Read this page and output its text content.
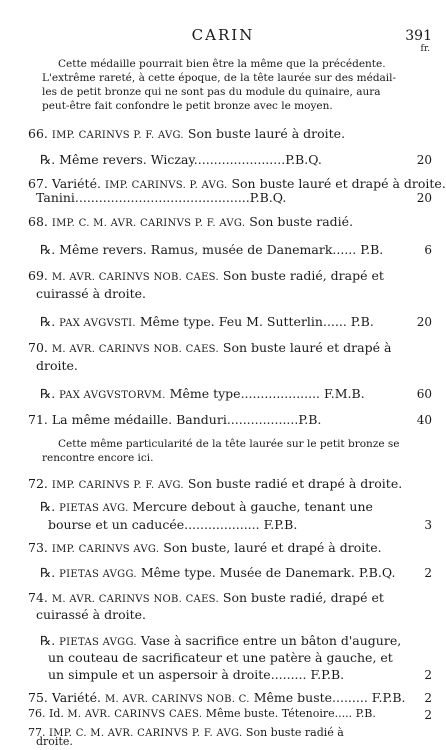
CARIN	391
fr.
Cette médaille pourrait bien être la même que la précédente.
L'extrême rareté, à cette époque, de la tête laurée sur des médail-
les de petit bronze qui ne sont pas du module du quinaire, aura
peut-être fait confondre le petit bronze avec le moyen.
66. IMP. CARINVS P. F. AVG. Son buste lauré à droite.
℞. Même revers. Wiczay.......................P.B.Q.	20
67. Variété. IMP. CARINVS. P. AVG. Son buste lauré et drapé à droite.
Tanini............................................P.B.Q.	20
68. IMP. C. M. AVR. CARINVS P. F. AVG. Son buste radié.
℞. Même revers. Ramus, musée de Danemark...... P.B.	6
69. M. AVR. CARINVS NOB. CAES. Son buste radié, drapé et
cuirassé à droite.
℞. PAX AVGVSTI. Même type. Feu M. Sutterlin...... P.B.	20
70. M. AVR. CARINVS NOB. CAES. Son buste lauré et drapé à
droite.
℞. PAX AVGVSTORVM. Même type.................... F.M.B.	60
71. La même médaille. Banduri..................P.B.	40
Cette même particularité de la tête laurée sur le petit bronze se
rencontre encore ici.
72. IMP. CARINVS P. F. AVG. Son buste radié et drapé à droite.
℞. PIETAS AVG. Mercure debout à gauche, tenant une
bourse et un caducée................... F.P.B.	3
73. IMP. CARINVS AVG. Son buste, lauré et drapé à droite.
℞. PIETAS AVGG. Même type. Musée de Danemark. P.B.Q. 2
74. M. AVR. CARINVS NOB. CAES. Son buste radié, drapé et
cuirassé à droite.
℞. PIETAS AVGG. Vase à sacrifice entre un bâton d'augure,
un couteau de sacrificateur et une patère à gauche, et
un simpule et un aspersoir à droite......... F.P.B.	2
75. Variété. M. AVR. CARINVS NOB. C. Même buste......... F.P.B. 2
76. Id. M. AVR. CARINVS CAES. Même buste. Tétenoire..... P.B.	2
77. IMP. C. M. AVR. CARINVS P. F. AVG. Son buste radié à
droite.
